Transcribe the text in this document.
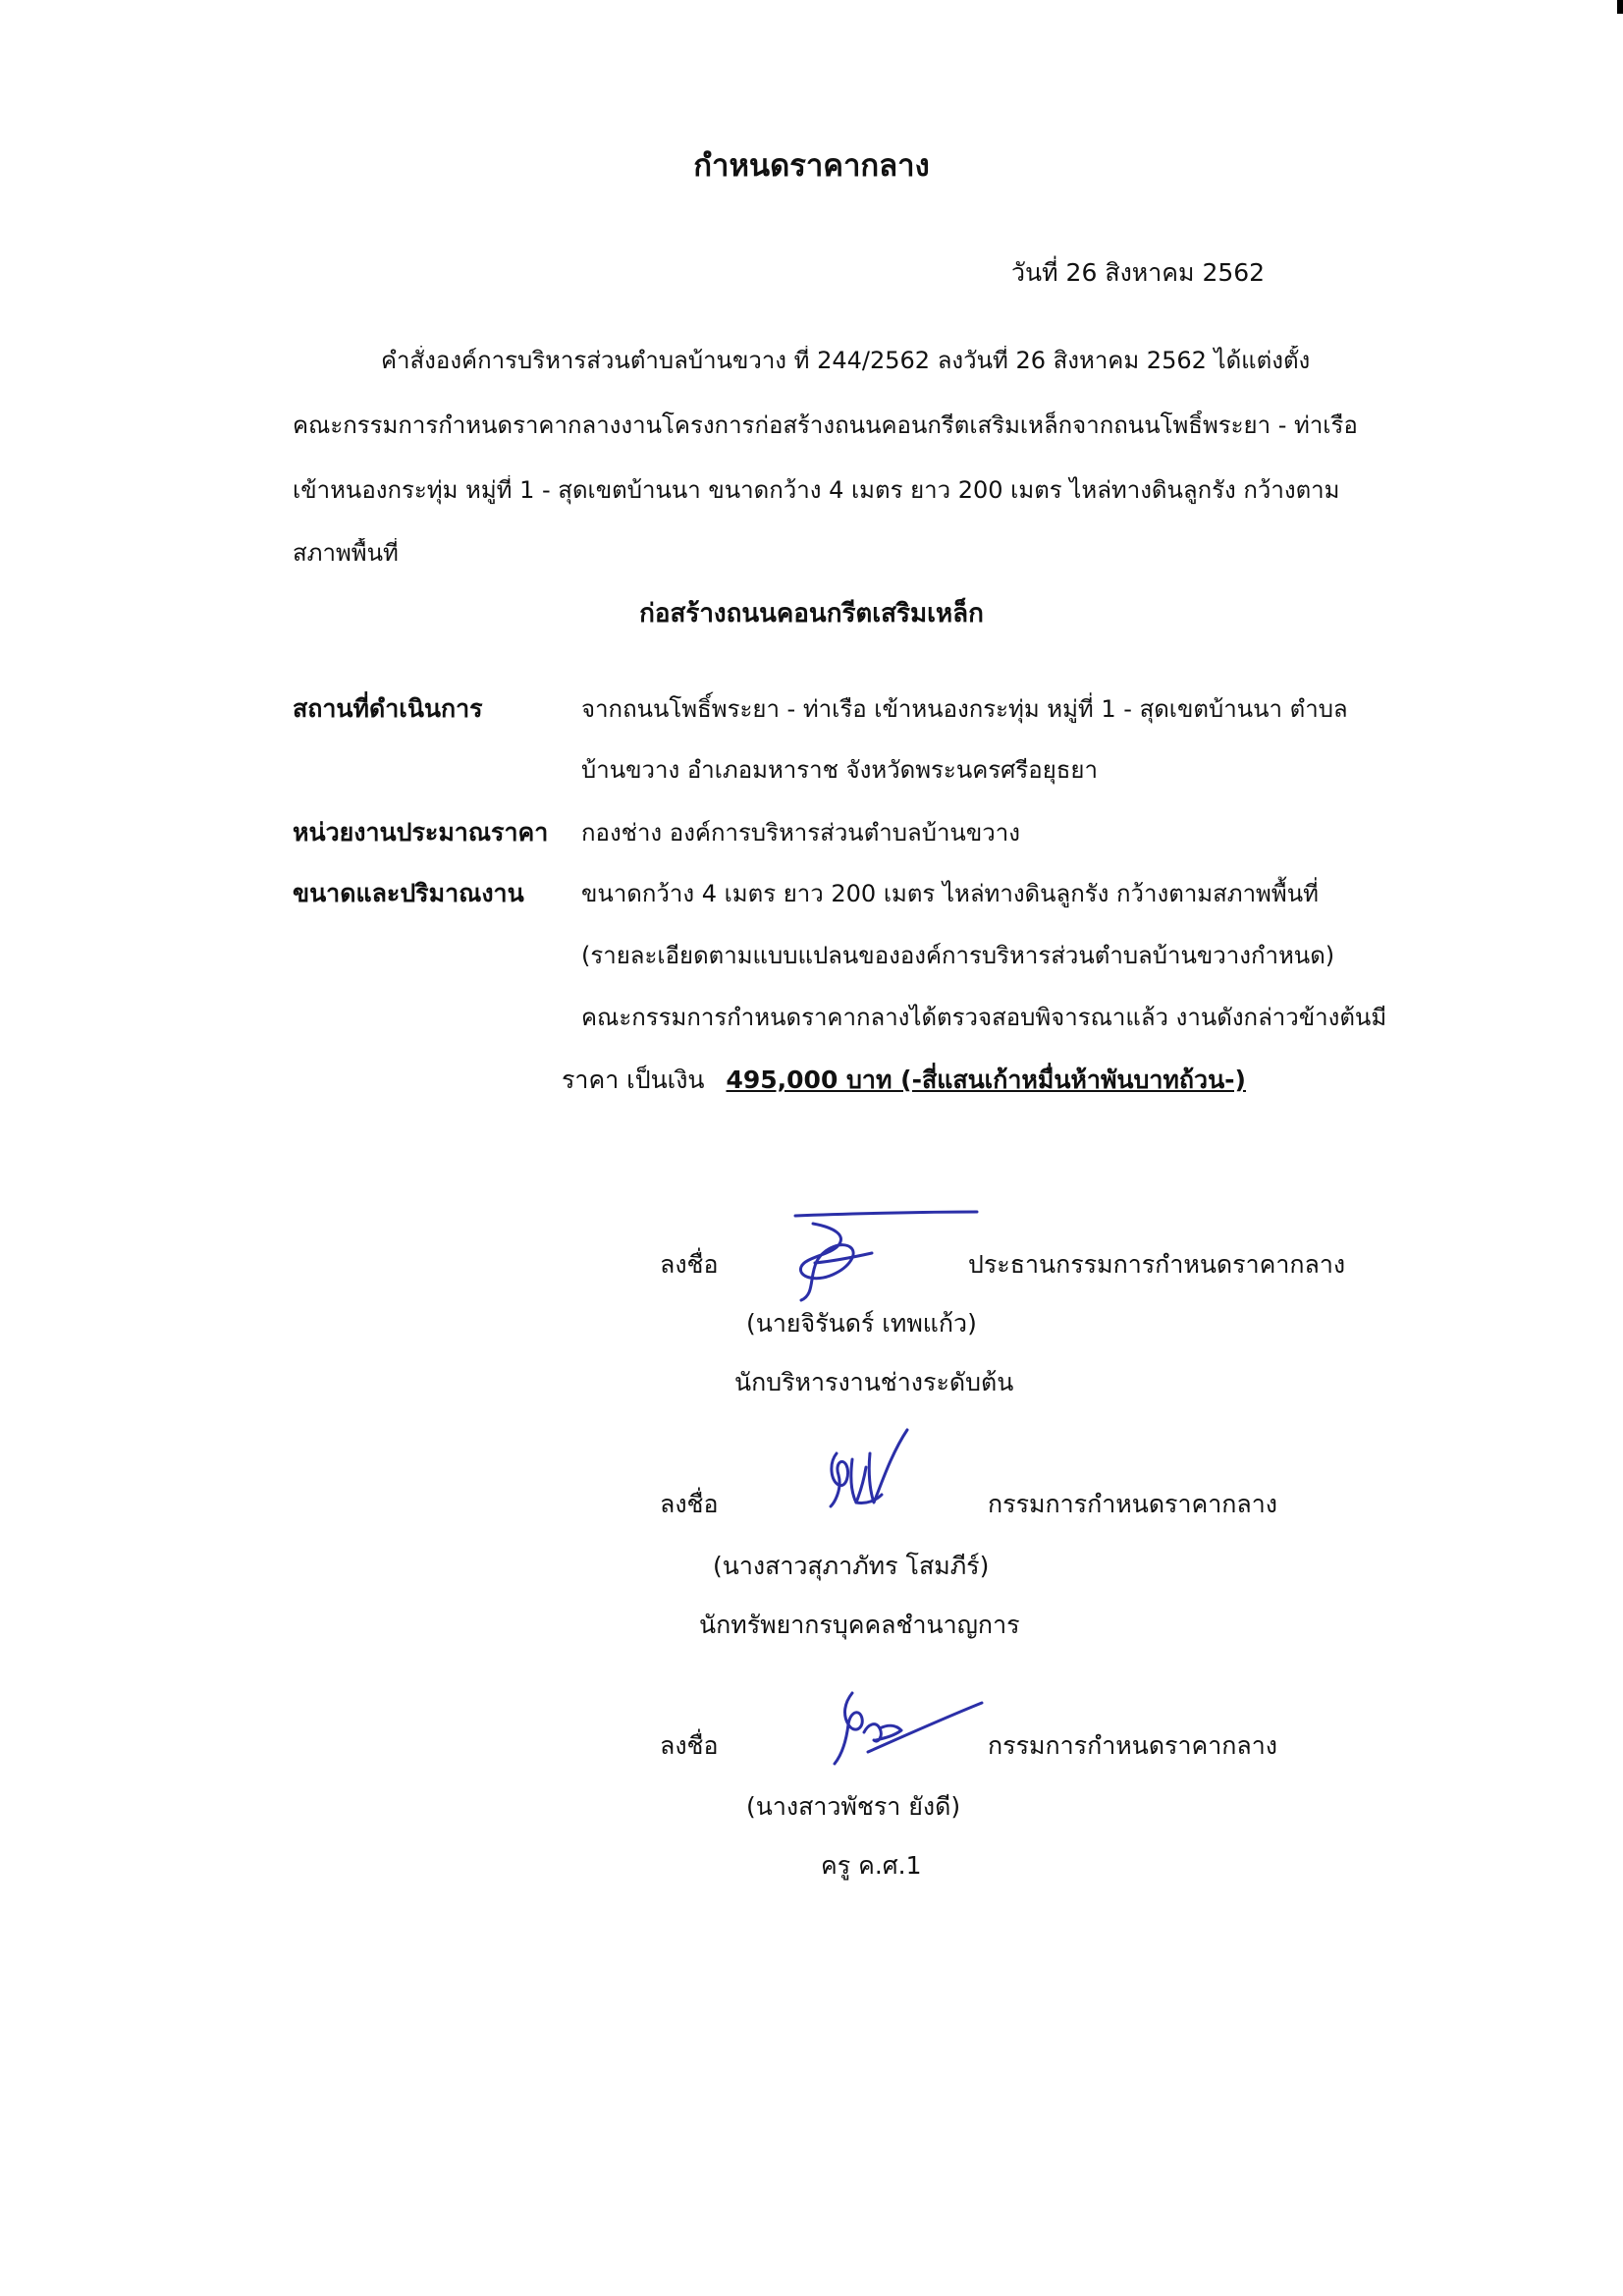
กำหนดราคากลาง
วันที่ 26 สิงหาคม 2562
คำสั่งองค์การบริหารส่วนตำบลบ้านขวาง ที่ 244/2562 ลงวันที่ 26 สิงหาคม 2562 ได้แต่งตั้ง
คณะกรรมการกำหนดราคากลางงานโครงการก่อสร้างถนนคอนกรีตเสริมเหล็กจากถนนโพธิ์พระยา - ท่าเรือ
เข้าหนองกระทุ่ม หมู่ที่ 1 - สุดเขตบ้านนา ขนาดกว้าง 4 เมตร ยาว 200 เมตร ไหล่ทางดินลูกรัง กว้างตาม
สภาพพื้นที่
ก่อสร้างถนนคอนกรีตเสริมเหล็ก
สถานที่ดำเนินการ	จากถนนโพธิ์พระยา - ท่าเรือ เข้าหนองกระทุ่ม หมู่ที่ 1 - สุดเขตบ้านนา ตำบล
บ้านขวาง อำเภอมหาราช จังหวัดพระนครศรีอยุธยา
หน่วยงานประมาณราคา กองช่าง องค์การบริหารส่วนตำบลบ้านขวาง
ขนาดและปริมาณงาน ขนาดกว้าง 4 เมตร ยาว 200 เมตร ไหล่ทางดินลูกรัง กว้างตามสภาพพื้นที่
(รายละเอียดตามแบบแปลนขององค์การบริหารส่วนตำบลบ้านขวางกำหนด)
คณะกรรมการกำหนดราคากลางได้ตรวจสอบพิจารณาแล้ว งานดังกล่าวข้างต้นมี
ราคา เป็นเงิน 495,000 บาท (-สี่แสนเก้าหมื่นห้าพันบาทถ้วน-)
ลงชื่อ	ประธานกรรมการกำหนดราคากลาง
(นายจิรันดร์ เทพแก้ว)
นักบริหารงานช่างระดับต้น
ลงชื่อ	กรรมการกำหนดราคากลาง
(นางสาวสุภาภัทร โสมภีร์)
นักทรัพยากรบุคคลชำนาญการ
ลงชื่อ	กรรมการกำหนดราคากลาง
(นางสาวพัชรา ยังดี)
ครู ค.ศ.1
